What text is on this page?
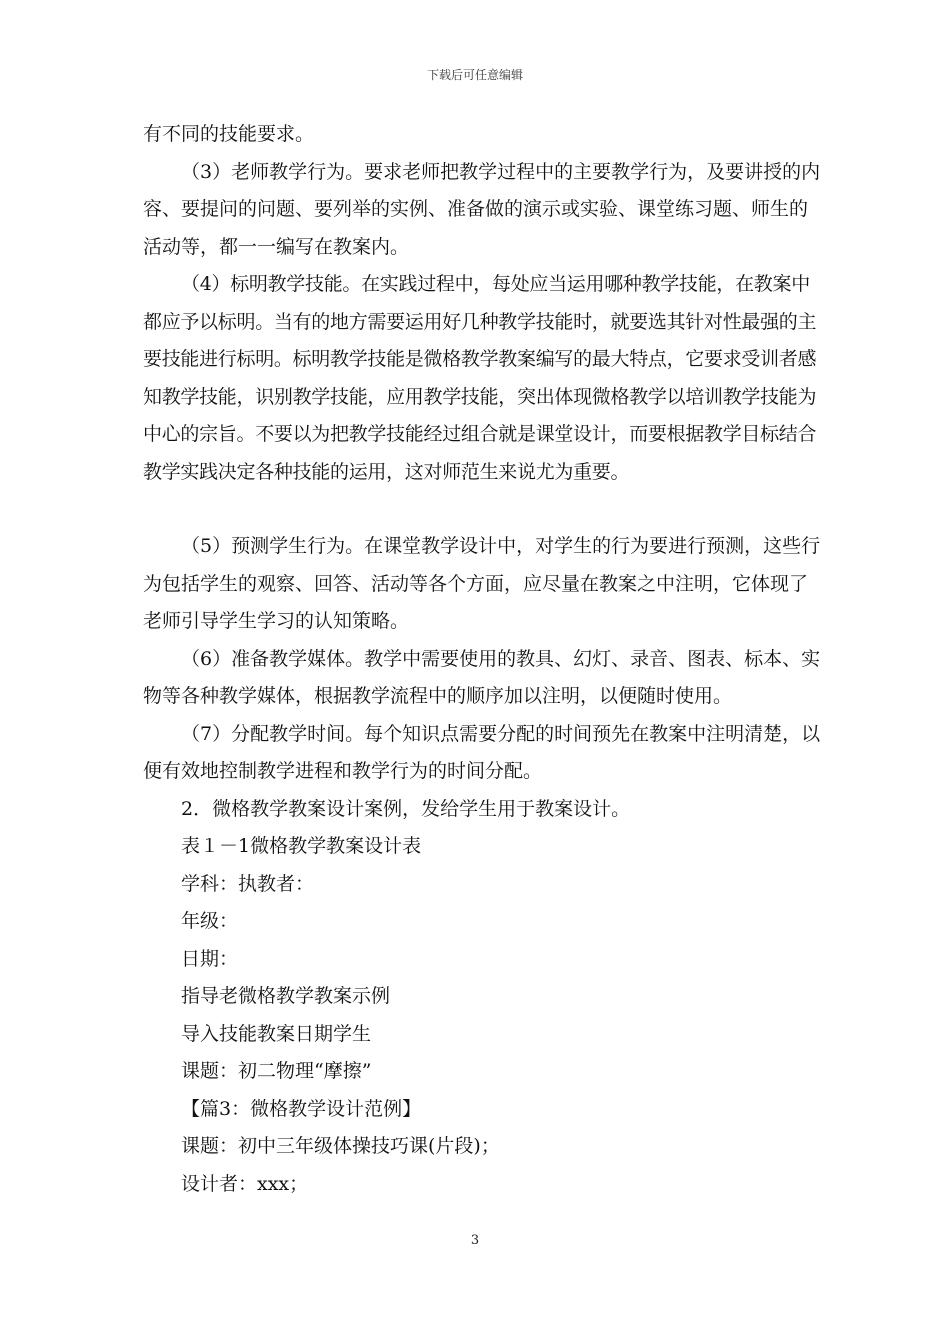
下载后可任意编辑

有不同的技能要求。

（3）老师教学行为。要求老师把教学过程中的主要教学行为，及要讲授的内容、要提问的问题、要列举的实例、准备做的演示或实验、课堂练习题、师生的活动等，都一一编写在教案内。

（4）标明教学技能。在实践过程中，每处应当运用哪种教学技能，在教案中都应予以标明。当有的地方需要运用好几种教学技能时，就要选其针对性最强的主要技能进行标明。标明教学技能是微格教学教案编写的最大特点，它要求受训者感知教学技能，识别教学技能，应用教学技能，突出体现微格教学以培训教学技能为中心的宗旨。不要以为把教学技能经过组合就是课堂设计，而要根据教学目标结合教学实践决定各种技能的运用，这对师范生来说尤为重要。

（5）预测学生行为。在课堂教学设计中，对学生的行为要进行预测，这些行为包括学生的观察、回答、活动等各个方面，应尽量在教案之中注明，它体现了老师引导学生学习的认知策略。

（6）准备教学媒体。教学中需要使用的教具、幻灯、录音、图表、标本、实物等各种教学媒体，根据教学流程中的顺序加以注明，以便随时使用。

（7）分配教学时间。每个知识点需要分配的时间预先在教案中注明清楚，以便有效地控制教学进程和教学行为的时间分配。

2．微格教学教案设计案例，发给学生用于教案设计。

表１－1微格教学教案设计表

学科：执教者：

年级：

日期：

指导老微格教学教案示例

导入技能教案日期学生

课题：初二物理“摩擦”

【篇3：微格教学设计范例】

课题：初中三年级体操技巧课(片段)；

设计者：xxx；

3
